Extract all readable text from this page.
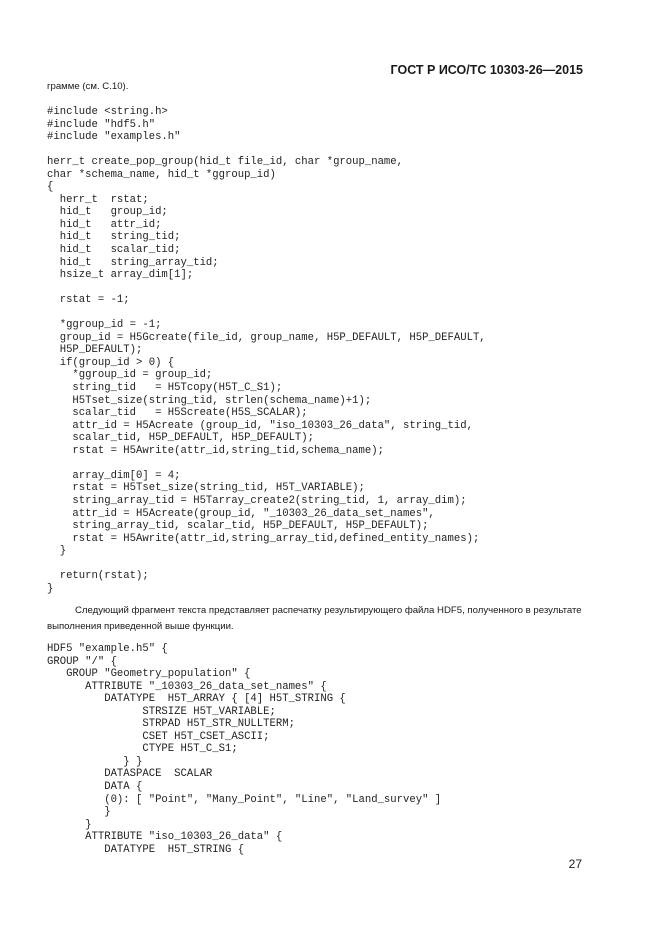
ГОСТ Р ИСО/ТС 10303-26—2015
грамме (см. С.10).
#include <string.h>
#include "hdf5.h"
#include "examples.h"

herr_t create_pop_group(hid_t file_id, char *group_name,
char *schema_name, hid_t *ggroup_id)
{
herr_t  rstat;
hid_t   group_id;
hid_t   attr_id;
hid_t   string_tid;
hid_t   scalar_tid;
hid_t   string_array_tid;
hsize_t array_dim[1];

rstat = -1;

*ggroup_id = -1;
group_id = H5Gcreate(file_id, group_name, H5P_DEFAULT, H5P_DEFAULT,
H5P_DEFAULT);
if(group_id > 0) {
*ggroup_id = group_id;
string_tid   = H5Tcopy(H5T_C_S1);
H5Tset_size(string_tid, strlen(schema_name)+1);
scalar_tid   = H5Screate(H5S_SCALAR);
attr_id = H5Acreate (group_id, "iso_10303_26_data", string_tid,
scalar_tid, H5P_DEFAULT, H5P_DEFAULT);
rstat = H5Awrite(attr_id,string_tid,schema_name);

array_dim[0] = 4;
rstat = H5Tset_size(string_tid, H5T_VARIABLE);
string_array_tid = H5Tarray_create2(string_tid, 1, array_dim);
attr_id = H5Acreate(group_id, "_10303_26_data_set_names",
string_array_tid, scalar_tid, H5P_DEFAULT, H5P_DEFAULT);
rstat = H5Awrite(attr_id,string_array_tid,defined_entity_names);
}

return(rstat);
}
Следующий фрагмент текста представляет распечатку результирующего файла HDF5, полученного в результате выполнения приведенной выше функции.
HDF5 "example.h5" {
GROUP "/" {
GROUP "Geometry_population" {
ATTRIBUTE "_10303_26_data_set_names" {
DATATYPE  H5T_ARRAY { [4] H5T_STRING {
STRSIZE H5T_VARIABLE;
STRPAD H5T_STR_NULLTERM;
CSET H5T_CSET_ASCII;
CTYPE H5T_C_S1;
} }
DATASPACE  SCALAR
DATA {
(0): [ "Point", "Many_Point", "Line", "Land_survey" ]
}
}
ATTRIBUTE "iso_10303_26_data" {
DATATYPE  H5T_STRING {
27
